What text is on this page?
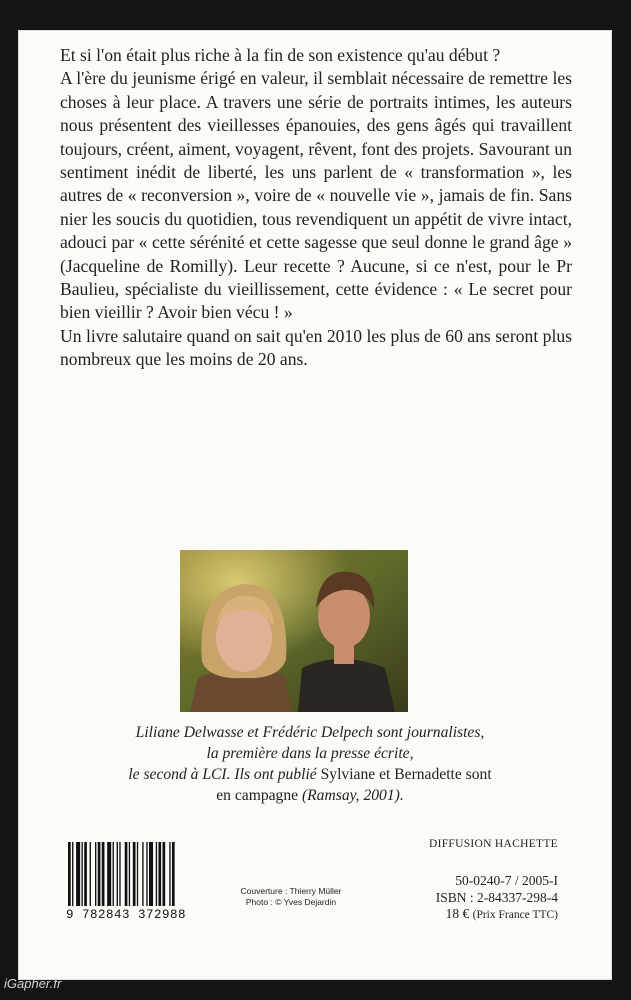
Et si l'on était plus riche à la fin de son existence qu'au début ?

A l'ère du jeunisme érigé en valeur, il semblait nécessaire de remettre les choses à leur place. A travers une série de portraits intimes, les auteurs nous présentent des vieillesses épanouies, des gens âgés qui travaillent toujours, créent, aiment, voyagent, rêvent, font des projets. Savourant un sentiment inédit de liberté, les uns parlent de « transformation », les autres de « reconversion », voire de « nouvelle vie », jamais de fin. Sans nier les soucis du quotidien, tous revendiquent un appétit de vivre intact, adouci par « cette sérénité et cette sagesse que seul donne le grand âge » (Jacqueline de Romilly). Leur recette ? Aucune, si ce n'est, pour le Pr Baulieu, spécialiste du vieillissement, cette évidence : « Le secret pour bien vieillir ? Avoir bien vécu ! »

Un livre salutaire quand on sait qu'en 2010 les plus de 60 ans seront plus nombreux que les moins de 20 ans.

Liliane Delwasse et Frédéric Delpech sont journalistes,
la première dans la presse écrite,
le second à LCI. Ils ont publié Sylviane et Bernadette sont
en campagne (Ramsay, 2001).
9 782843 372988
Couverture : Thierry Müller
Photo : © Yves Dejardin
DIFFUSION HACHETTE
50-0240-7 / 2005-I
ISBN : 2-84337-298-4
18 € (Prix France TTC)
iGapher.fr
